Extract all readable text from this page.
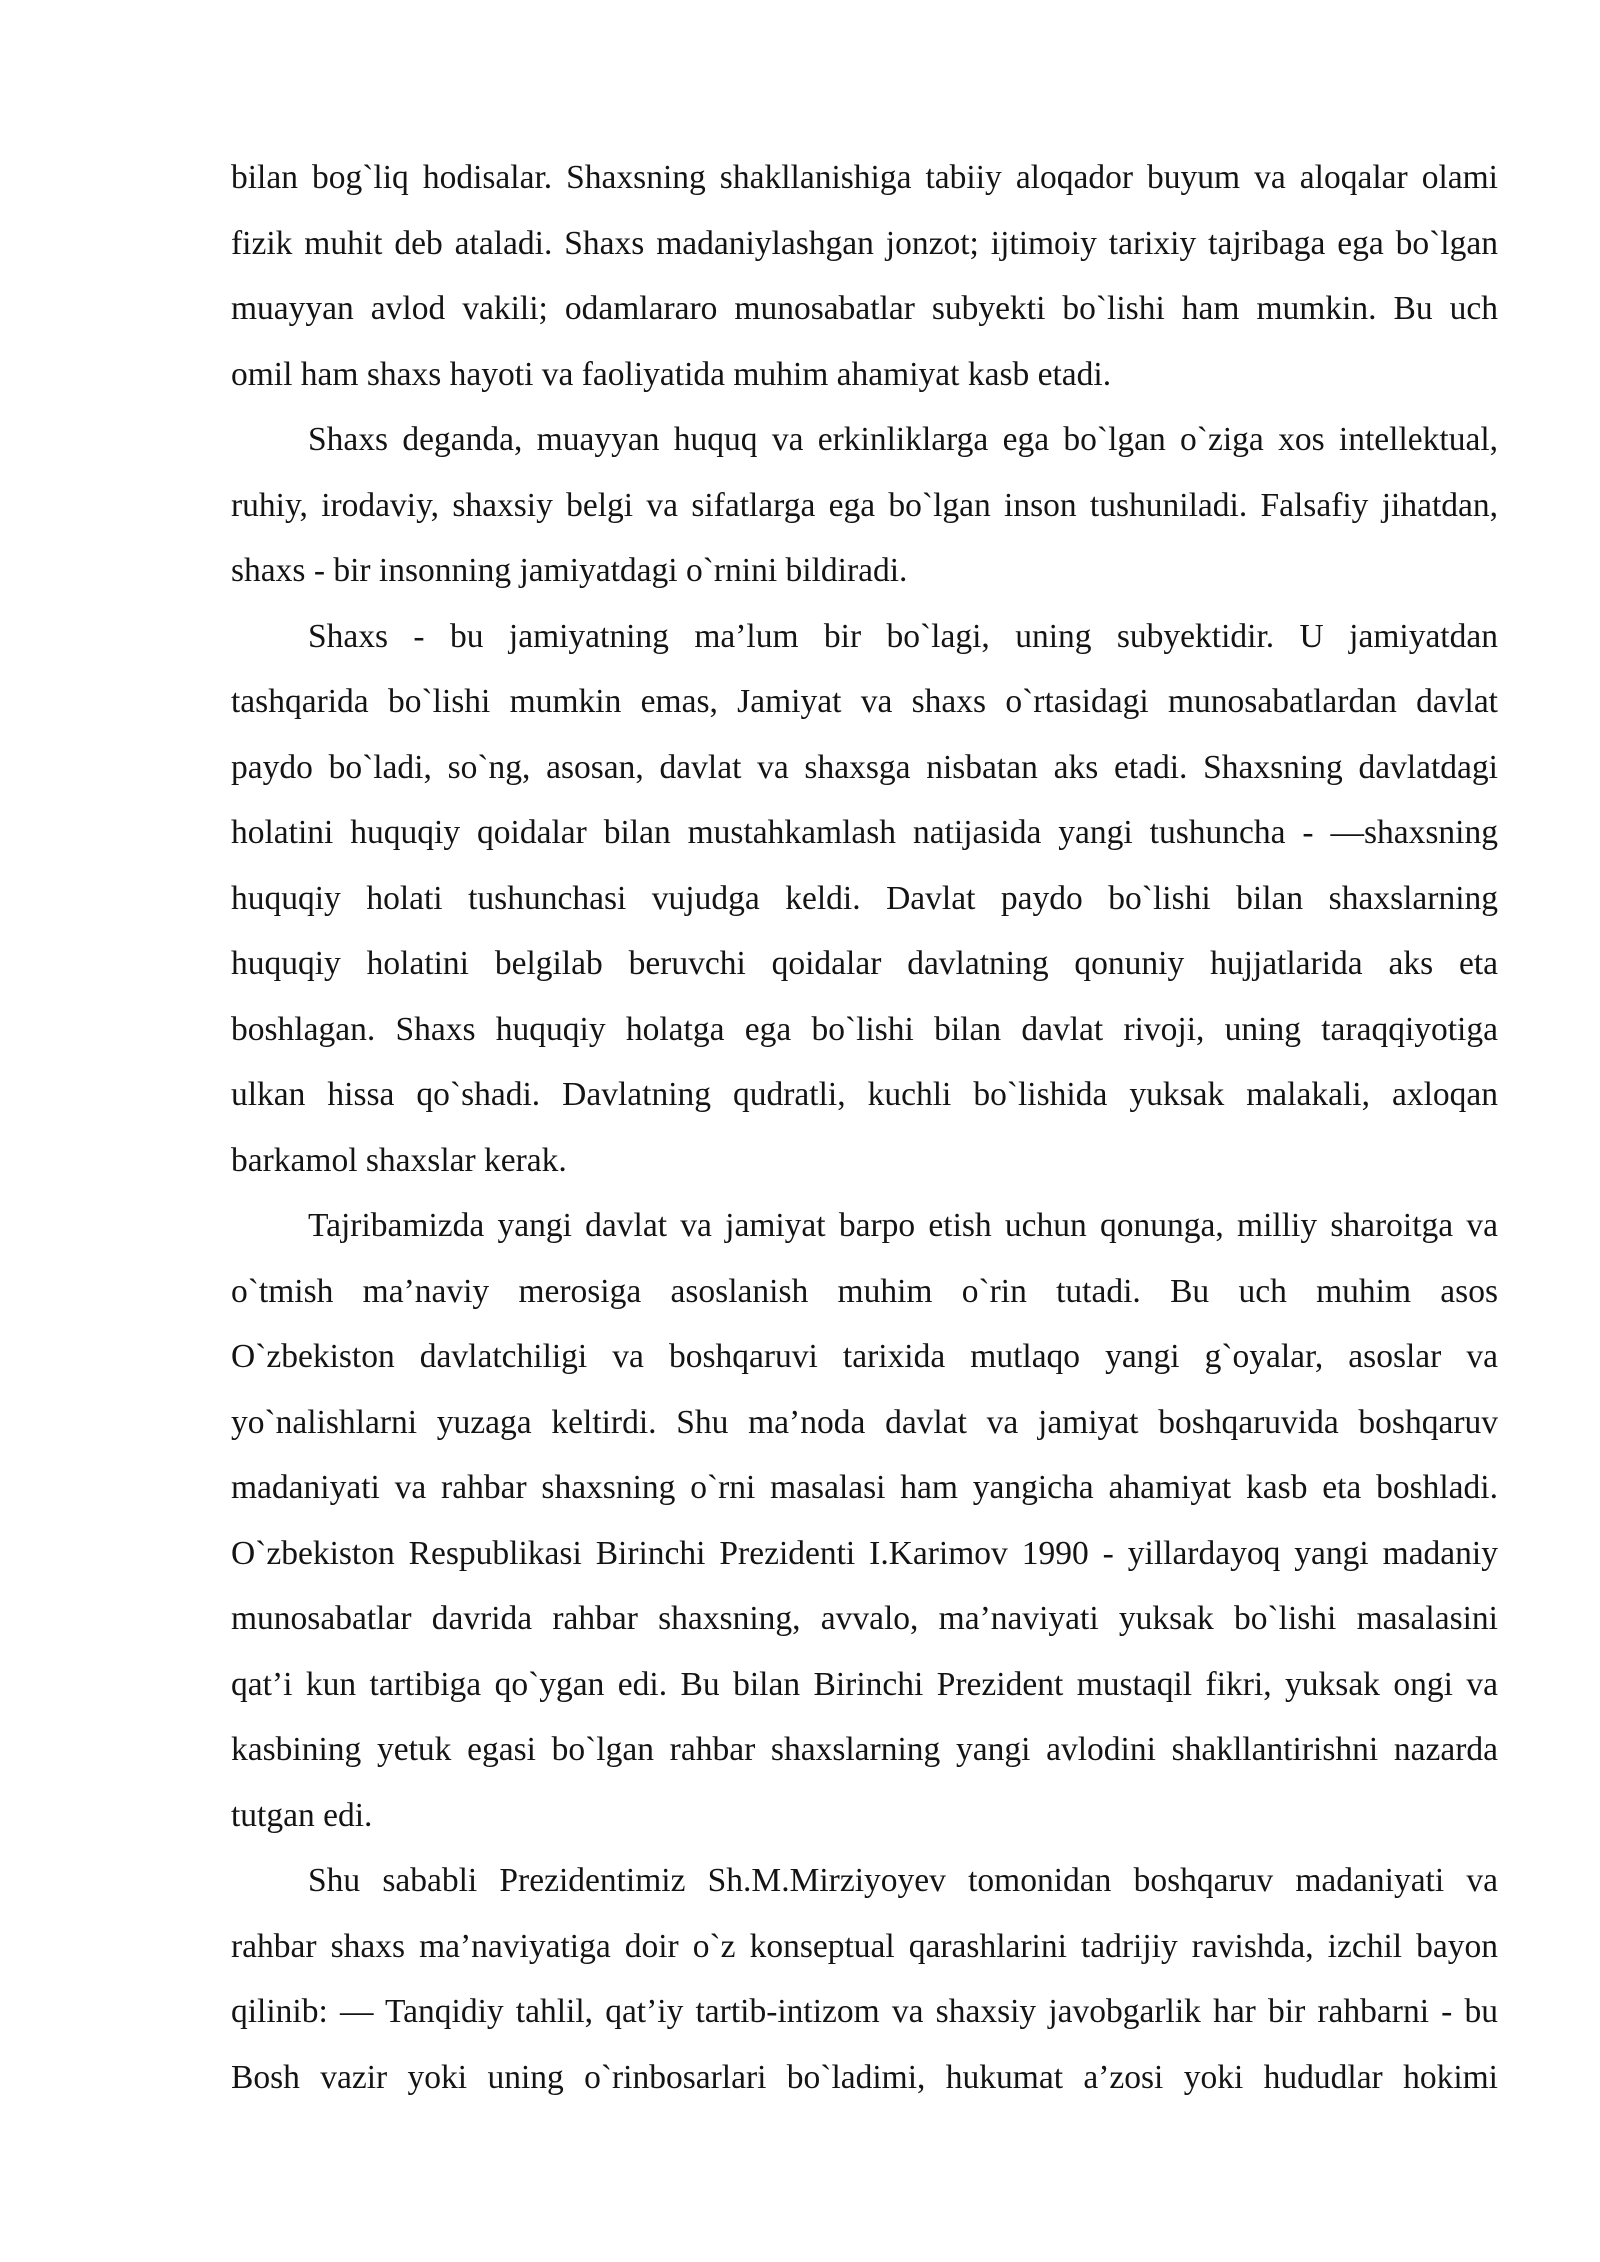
bilan bog`liq hodisalar. Shaxsning shakllanishiga tabiiy aloqador buyum va aloqalar olami
fizik muhit deb ataladi. Shaxs madaniylashgan jonzot; ijtimoiy tarixiy tajribaga ega bo`lgan
muayyan avlod vakili; odamlararo munosabatlar subyekti bo`lishi ham mumkin. Bu uch
omil ham shaxs hayoti va faoliyatida muhim ahamiyat kasb etadi.
Shaxs deganda, muayyan huquq va erkinliklarga ega bo`lgan o`ziga xos intellektual,
ruhiy, irodaviy, shaxsiy belgi va sifatlarga ega bo`lgan inson tushuniladi. Falsafiy jihatdan,
shaxs - bir insonning jamiyatdagi o`rnini bildiradi.
Shaxs - bu jamiyatning ma’lum bir bo`lagi, uning subyektidir. U jamiyatdan
tashqarida bo`lishi mumkin emas, Jamiyat va shaxs o`rtasidagi munosabatlardan davlat
paydo bo`ladi, so`ng, asosan, davlat va shaxsga nisbatan aks etadi. Shaxsning davlatdagi
holatini huquqiy qoidalar bilan mustahkamlash natijasida yangi tushuncha - —shaxsning
huquqiy holati tushunchasi vujudga keldi. Davlat paydo bo`lishi bilan shaxslarning
huquqiy holatini belgilab beruvchi qoidalar davlatning qonuniy hujjatlarida aks eta
boshlagan. Shaxs huquqiy holatga ega bo`lishi bilan davlat rivoji, uning taraqqiyotiga
ulkan hissa qo`shadi. Davlatning qudratli, kuchli bo`lishida yuksak malakali, axloqan
barkamol shaxslar kerak.
Tajribamizda yangi davlat va jamiyat barpo etish uchun qonunga, milliy sharoitga va
o`tmish ma’naviy merosiga asoslanish muhim o`rin tutadi. Bu uch muhim asos
O`zbekiston davlatchiligi va boshqaruvi tarixida mutlaqo yangi g`oyalar, asoslar va
yo`nalishlarni yuzaga keltirdi. Shu ma’noda davlat va jamiyat boshqaruvida boshqaruv
madaniyati va rahbar shaxsning o`rni masalasi ham yangicha ahamiyat kasb eta boshladi.
O`zbekiston Respublikasi Birinchi Prezidenti I.Karimov 1990 - yillardayoq yangi madaniy
munosabatlar davrida rahbar shaxsning, avvalo, ma’naviyati yuksak bo`lishi masalasini
qat’i kun tartibiga qo`ygan edi. Bu bilan Birinchi Prezident mustaqil fikri, yuksak ongi va
kasbining yetuk egasi bo`lgan rahbar shaxslarning yangi avlodini shakllantirishni nazarda
tutgan edi.
Shu sababli Prezidentimiz Sh.M.Mirziyoyev tomonidan boshqaruv madaniyati va
rahbar shaxs ma’naviyatiga doir o`z konseptual qarashlarini tadrijiy ravishda, izchil bayon
qilinib: — Tanqidiy tahlil, qat’iy tartib-intizom va shaxsiy javobgarlik har bir rahbarni - bu
Bosh vazir yoki uning o`rinbosarlari bo`ladimi, hukumat a’zosi yoki hududlar hokimi
